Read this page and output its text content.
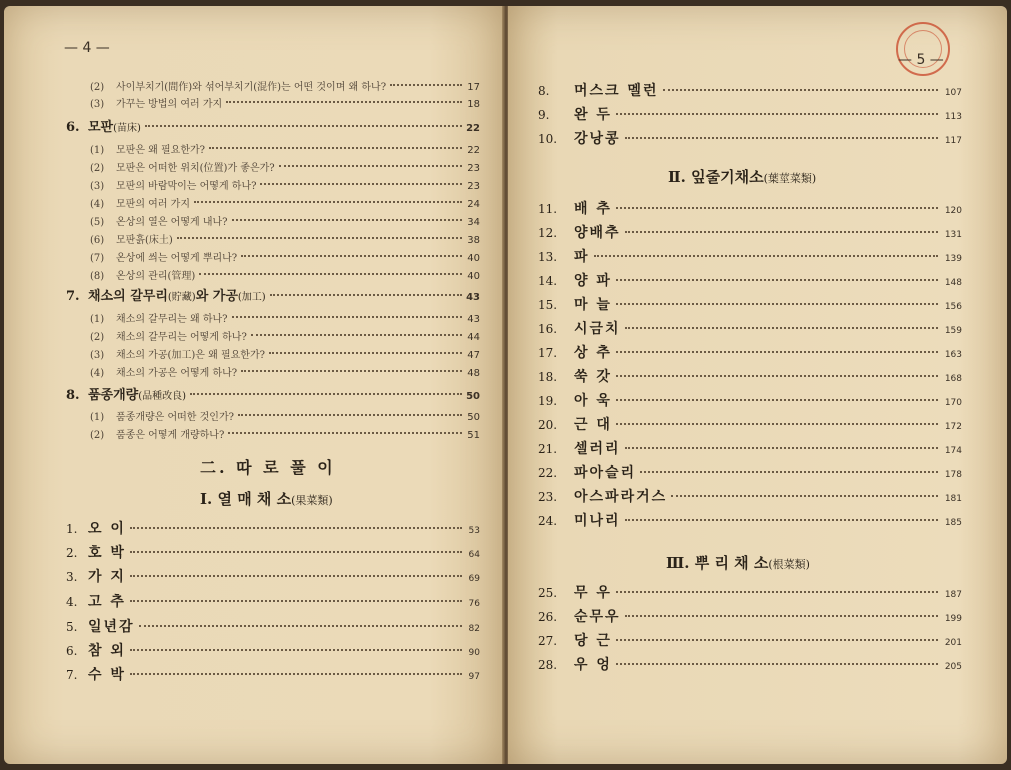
— 4 —
— 5 —
(2)	사이부치기(間作)와 섞어부치기(混作)는 어떤 것이며 왜 하나?	17
(3)	가꾸는 방법의 여러 가지	18
6. 모판(苗床)	22
(1)	모판은 왜 필요한가?	22
(2)	모판은 어떠한 위치(位置)가 좋은가?	23
(3)	모판의 바람막이는 어떻게 하나?	23
(4)	모판의 여러 가지	24
(5)	온상의 열은 어떻게 내나?	34
(6)	모판흙(床土)	38
(7)	온상에 씌는 어떻게 뿌리나?	40
(8)	온상의 관리(管理)	40
7. 채소의 갈무리(貯藏)와 가공(加工)	43
(1)	채소의 갈무리는 왜 하나?	43
(2)	채소의 갈무리는 어떻게 하나?	44
(3)	채소의 가공(加工)은 왜 필요한가?	47
(4)	채소의 가공은 어떻게 하나?	48
8. 품종개량(品種改良)	50
(1)	품종개량은 어떠한 것인가?	50
(2)	품종은 어떻게 개량하나?	51
二. 따 로 풀 이
I. 열 매 채 소(果菜類)
1. 오 이	53
2. 호 박	64
3. 가 지	69
4. 고 추	76
5. 일년감	82
6. 참 외	90
7. 수 박	97
8.	머스크 멜런	107
9.	완 두	113
10.	강낭콩	117
Ⅱ. 잎줄기채소(葉莖菜類)
11.	배 추	120
12.	양배추	131
13.	파	139
14.	양 파	148
15.	마 늘	156
16.	시금치	159
17.	상 추	163
18.	쑥 갓	168
19.	아 욱	170
20.	근 대	172
21.	셀러리	174
22.	파아슬리	178
23.	아스파라거스	181
24.	미나리	185
Ⅲ. 뿌 리 채 소(根菜類)
25.	무 우	187
26.	순무우	199
27.	당 근	201
28.	우 엉	205
